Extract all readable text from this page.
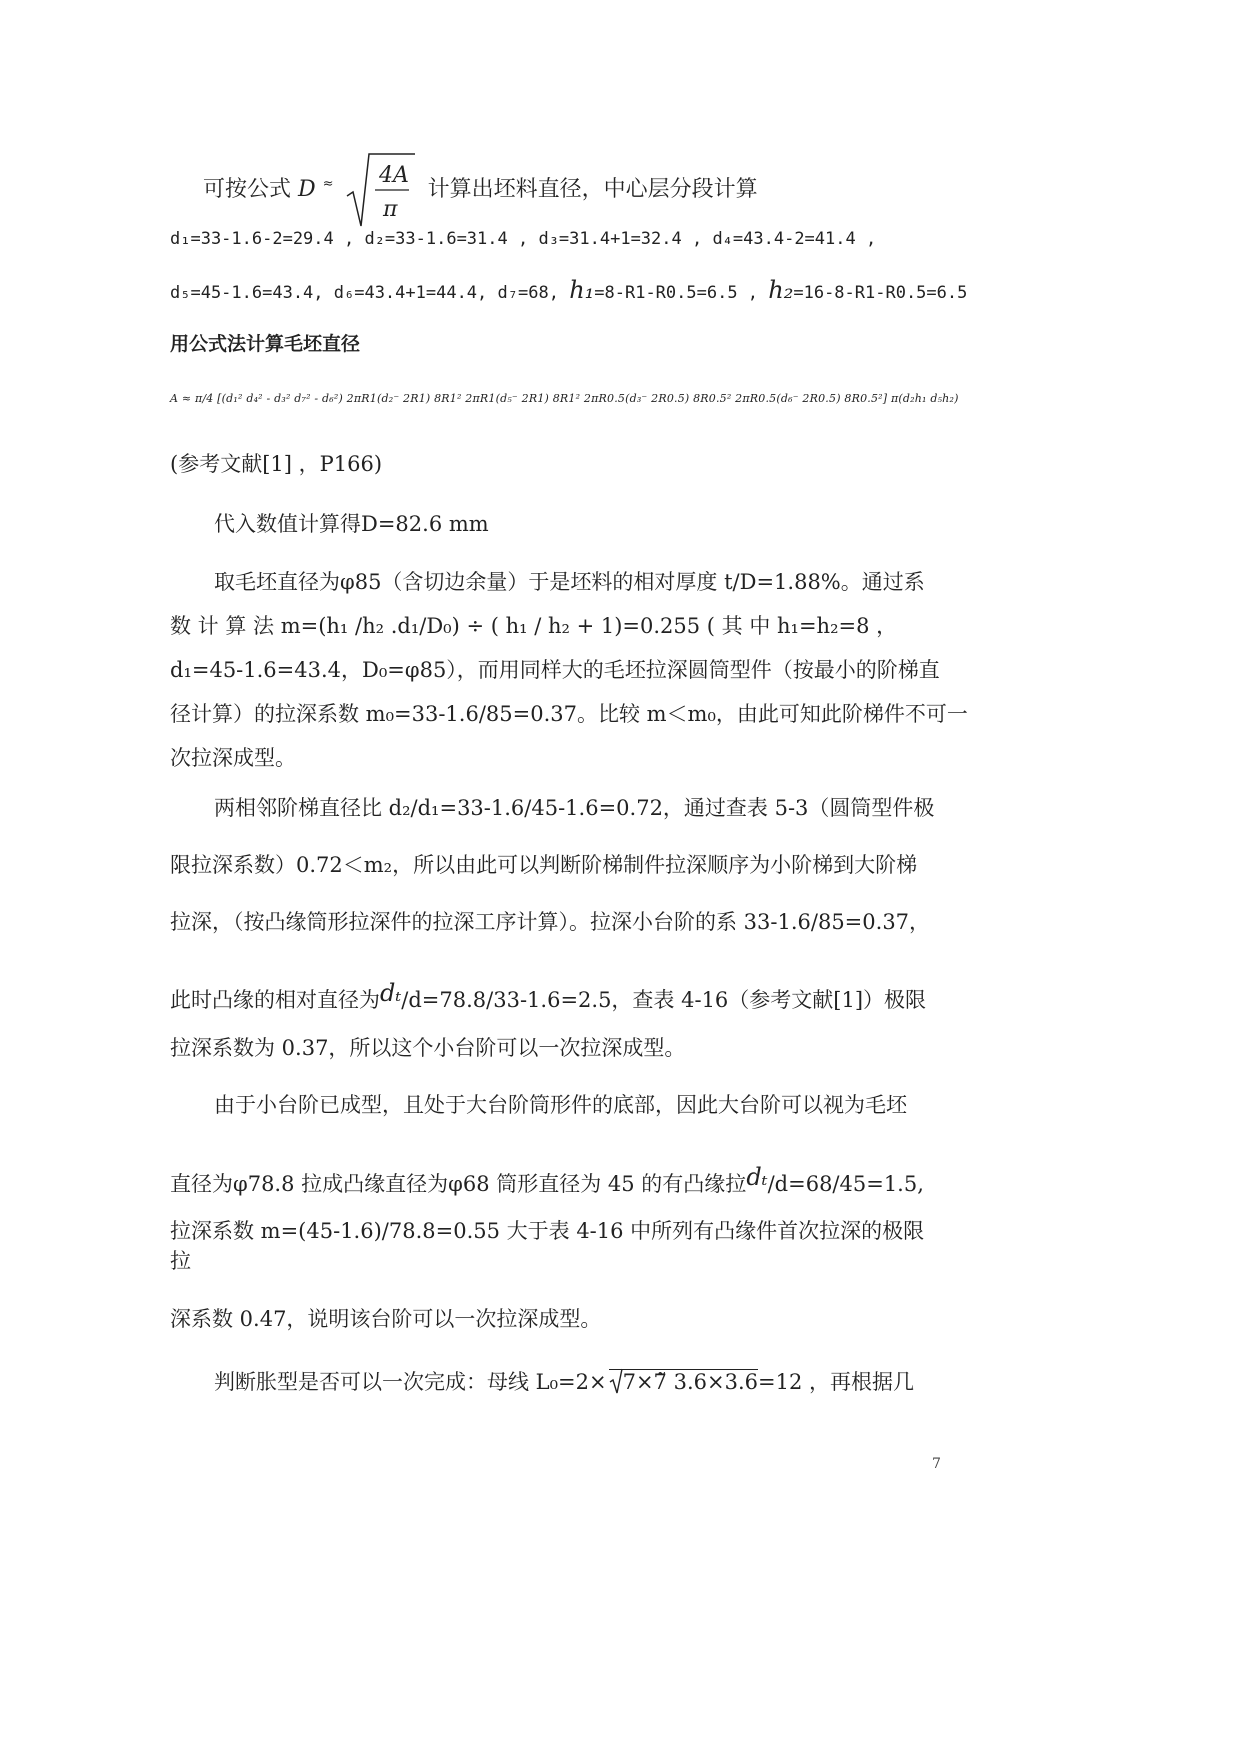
可按公式 D ≈ 4A
π
计算出坯料直径，中心层分段计算
d₁=33-1.6-2=29.4 , d₂=33-1.6=31.4 , d₃=31.4+1=32.4 , d₄=43.4-2=41.4 ,
d₅=45-1.6=43.4, d₆=43.4+1=44.4, d₇=68, h₁=8-R1-R0.5=6.5 , h₂=16-8-R1-R0.5=6.5
用公式法计算毛坯直径
A ≈ π/4 [(d₁² d₄² - d₃² d₇² - d₆²) 2πR1(d₂⁻ 2R1) 8R1² 2πR1(d₅⁻ 2R1) 8R1² 2πR0.5(d₃⁻ 2R0.5) 8R0.5² 2πR0.5(d₆⁻ 2R0.5) 8R0.5²] π(d₂h₁ d₅h₂)
(参考文献[1] ，P166)
代入数值计算得D=82.6 mm
取毛坯直径为φ85（含切边余量）于是坯料的相对厚度 t/D=1.88%。通过系
数 计 算 法 m=(h₁ /h₂ .d₁/D₀) ÷ ( h₁ / h₂ + 1)=0.255 ( 其 中 h₁=h₂=8 ，
d₁=45-1.6=43.4，D₀=φ85），而用同样大的毛坯拉深圆筒型件（按最小的阶梯直
径计算）的拉深系数 m₀=33-1.6/85=0.37。比较 m＜m₀，由此可知此阶梯件不可一
次拉深成型。
两相邻阶梯直径比 d₂/d₁=33-1.6/45-1.6=0.72，通过查表 5-3（圆筒型件极
限拉深系数）0.72＜m₂，所以由此可以判断阶梯制件拉深顺序为小阶梯到大阶梯
拉深，（按凸缘筒形拉深件的拉深工序计算）。拉深小台阶的系 33-1.6/85=0.37，
此时凸缘的相对直径为dₜ/d=78.8/33-1.6=2.5，查表 4-16（参考文献[1]）极限
拉深系数为 0.37，所以这个小台阶可以一次拉深成型。
由于小台阶已成型，且处于大台阶筒形件的底部，因此大台阶可以视为毛坯
直径为φ78.8 拉成凸缘直径为φ68 筒形直径为 45 的有凸缘拉dₜ/d=68/45=1.5,
拉深系数 m=(45-1.6)/78.8=0.55 大于表 4-16 中所列有凸缘件首次拉深的极限
拉
深系数 0.47，说明该台阶可以一次拉深成型。
判断胀型是否可以一次完成：母线 L₀=2× 7×7̃ 3.6×3.6=12 ，再根据几
7
